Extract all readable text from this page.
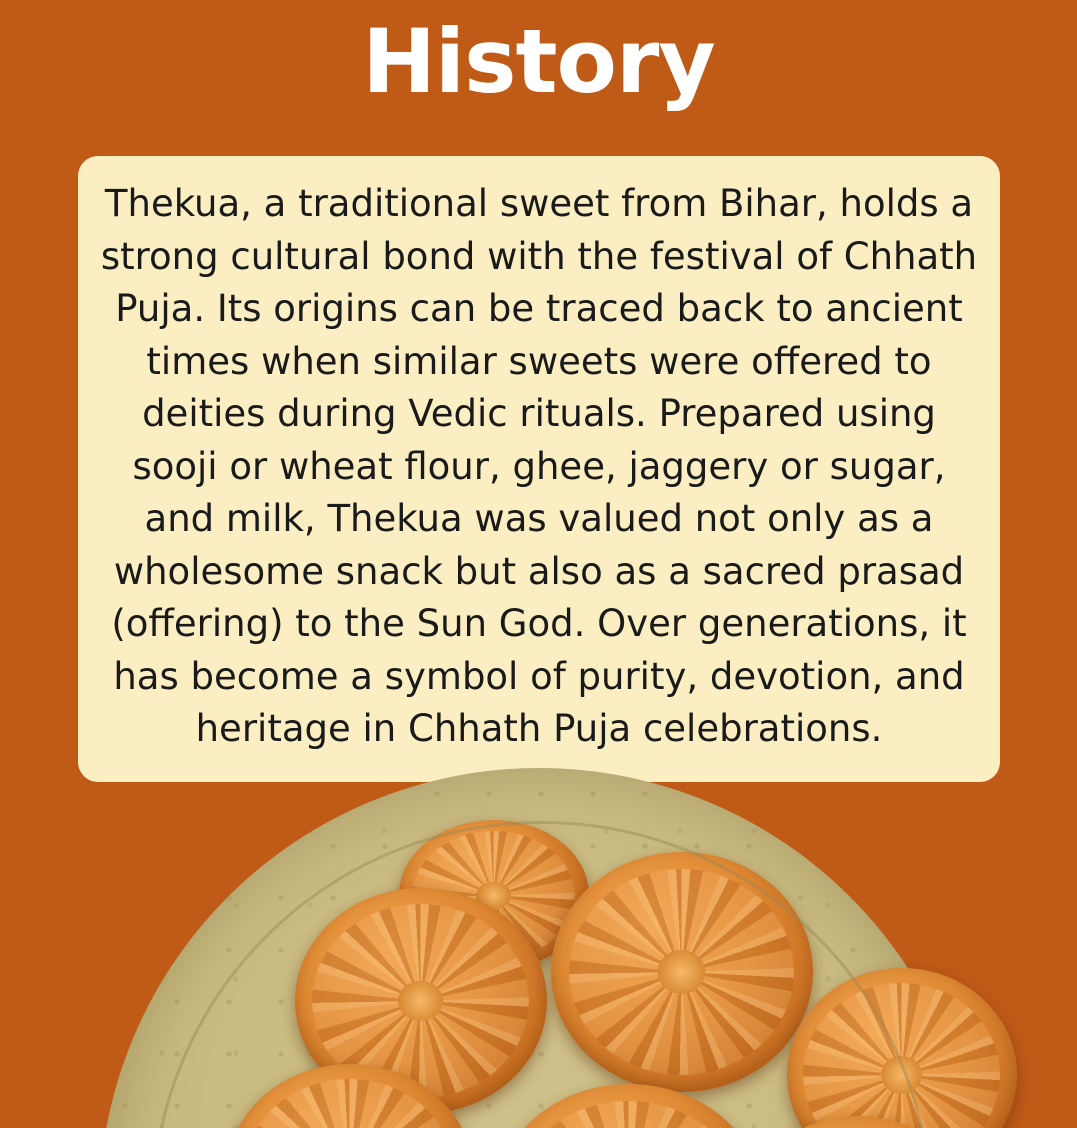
History

Thekua, a traditional sweet from Bihar, holds a strong cultural bond with the festival of Chhath Puja. Its origins can be traced back to ancient times when similar sweets were offered to deities during Vedic rituals. Prepared using sooji or wheat flour, ghee, jaggery or sugar, and milk, Thekua was valued not only as a wholesome snack but also as a sacred prasad (offering) to the Sun God. Over generations, it has become a symbol of purity, devotion, and heritage in Chhath Puja celebrations.
